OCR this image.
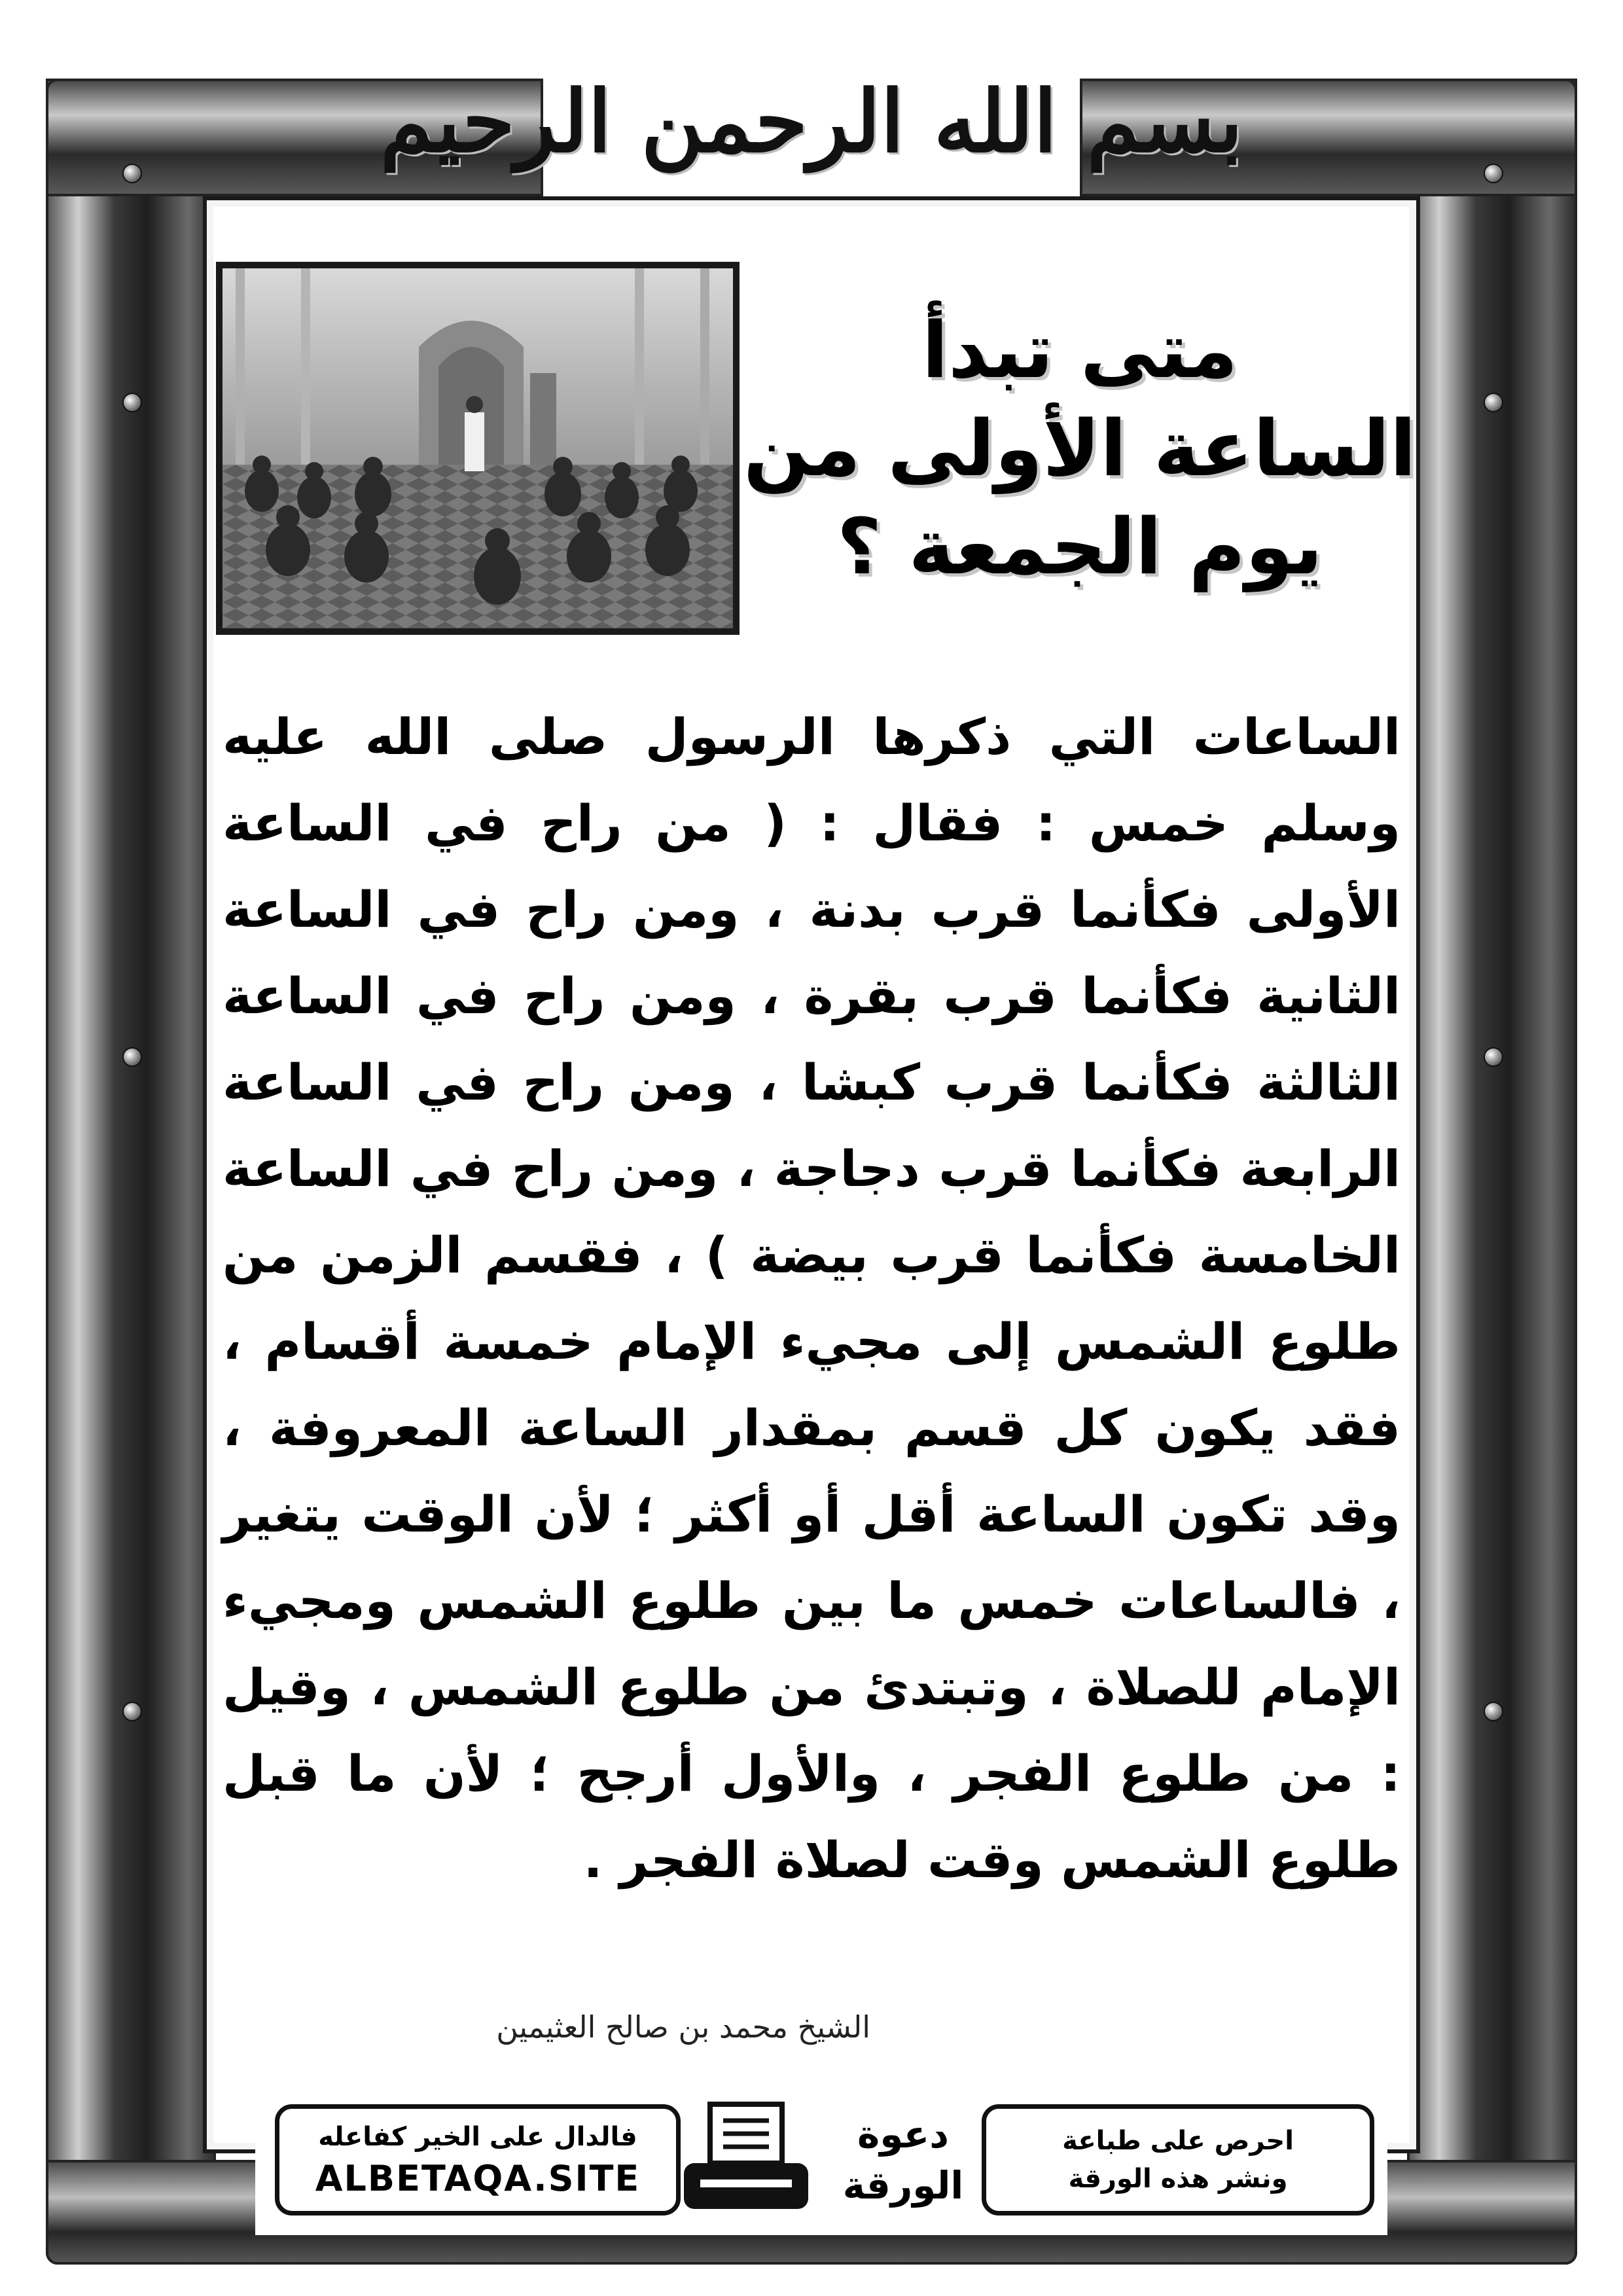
بسم الله الرحمن الرحيم
متى تبدأ
الساعة الأولى من
يوم الجمعة ؟
الساعات التي ذكرها الرسول صلى الله عليه وسلم خمس : فقال : ( من راح في الساعة الأولى فكأنما قرب بدنة ، ومن راح في الساعة الثانية فكأنما قرب بقرة ، ومن راح في الساعة الثالثة فكأنما قرب كبشا ، ومن راح في الساعة الرابعة فكأنما قرب دجاجة ، ومن راح في الساعة الخامسة فكأنما قرب بيضة ) ، فقسم الزمن من طلوع الشمس إلى مجيء الإمام خمسة أقسام ، فقد يكون كل قسم بمقدار الساعة المعروفة ، وقد تكون الساعة أقل أو أكثر ؛ لأن الوقت يتغير ، فالساعات خمس ما بين طلوع الشمس ومجيء الإمام للصلاة ، وتبتدئ من طلوع الشمس ، وقيل : من طلوع الفجر ، والأول أرجح ؛ لأن ما قبل طلوع الشمس وقت لصلاة الفجر .
الشيخ محمد بن صالح العثيمين
احرص على طباعة
ونشر هذه الورقة
دعوة
الورقة
فالدال على الخير كفاعله
ALBETAQA.SITE
